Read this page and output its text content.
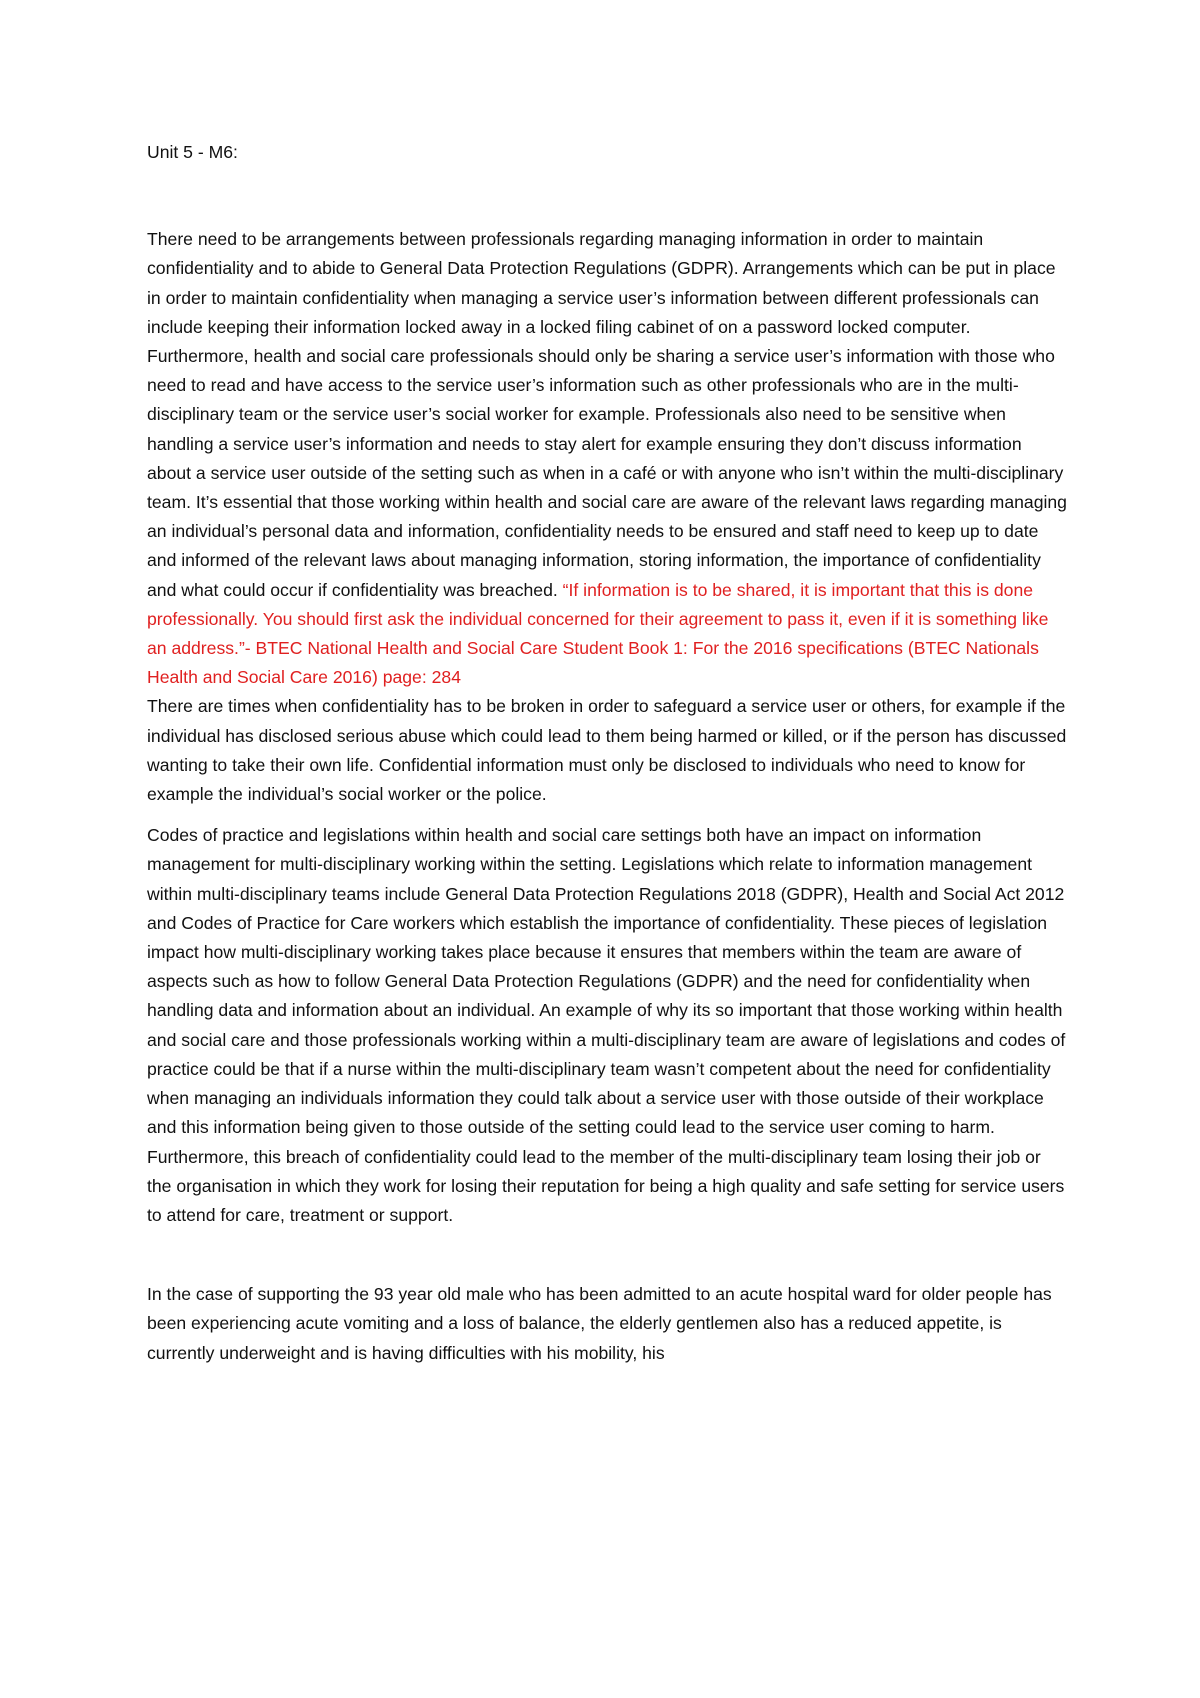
Unit 5 - M6:

There need to be arrangements between professionals regarding managing information in order to maintain confidentiality and to abide to General Data Protection Regulations (GDPR). Arrangements which can be put in place in order to maintain confidentiality when managing a service user’s information between different professionals can include keeping their information locked away in a locked filing cabinet of on a password locked computer. Furthermore, health and social care professionals should only be sharing a service user’s information with those who need to read and have access to the service user’s information such as other professionals who are in the multi-disciplinary team or the service user’s social worker for example. Professionals also need to be sensitive when handling a service user’s information and needs to stay alert for example ensuring they don’t discuss information about a service user outside of the setting such as when in a café or with anyone who isn’t within the multi-disciplinary team. It’s essential that those working within health and social care are aware of the relevant laws regarding managing an individual’s personal data and information, confidentiality needs to be ensured and staff need to keep up to date and informed of the relevant laws about managing information, storing information, the importance of confidentiality and what could occur if confidentiality was breached. “If information is to be shared, it is important that this is done professionally. You should first ask the individual concerned for their agreement to pass it, even if it is something like an address.”- BTEC National Health and Social Care Student Book 1: For the 2016 specifications (BTEC Nationals Health and Social Care 2016) page: 284
There are times when confidentiality has to be broken in order to safeguard a service user or others, for example if the individual has disclosed serious abuse which could lead to them being harmed or killed, or if the person has discussed wanting to take their own life. Confidential information must only be disclosed to individuals who need to know for example the individual’s social worker or the police.

Codes of practice and legislations within health and social care settings both have an impact on information management for multi-disciplinary working within the setting. Legislations which relate to information management within multi-disciplinary teams include General Data Protection Regulations 2018 (GDPR), Health and Social Act 2012 and Codes of Practice for Care workers which establish the importance of confidentiality. These pieces of legislation impact how multi-disciplinary working takes place because it ensures that members within the team are aware of aspects such as how to follow General Data Protection Regulations (GDPR) and the need for confidentiality when handling data and information about an individual. An example of why its so important that those working within health and social care and those professionals working within a multi-disciplinary team are aware of legislations and codes of practice could be that if a nurse within the multi-disciplinary team wasn’t competent about the need for confidentiality when managing an individuals information they could talk about a service user with those outside of their workplace and this information being given to those outside of the setting could lead to the service user coming to harm. Furthermore, this breach of confidentiality could lead to the member of the multi-disciplinary team losing their job or the organisation in which they work for losing their reputation for being a high quality and safe setting for service users to attend for care, treatment or support.

In the case of supporting the 93 year old male who has been admitted to an acute hospital ward for older people has been experiencing acute vomiting and a loss of balance, the elderly gentlemen also has a reduced appetite, is currently underweight and is having difficulties with his mobility, his
